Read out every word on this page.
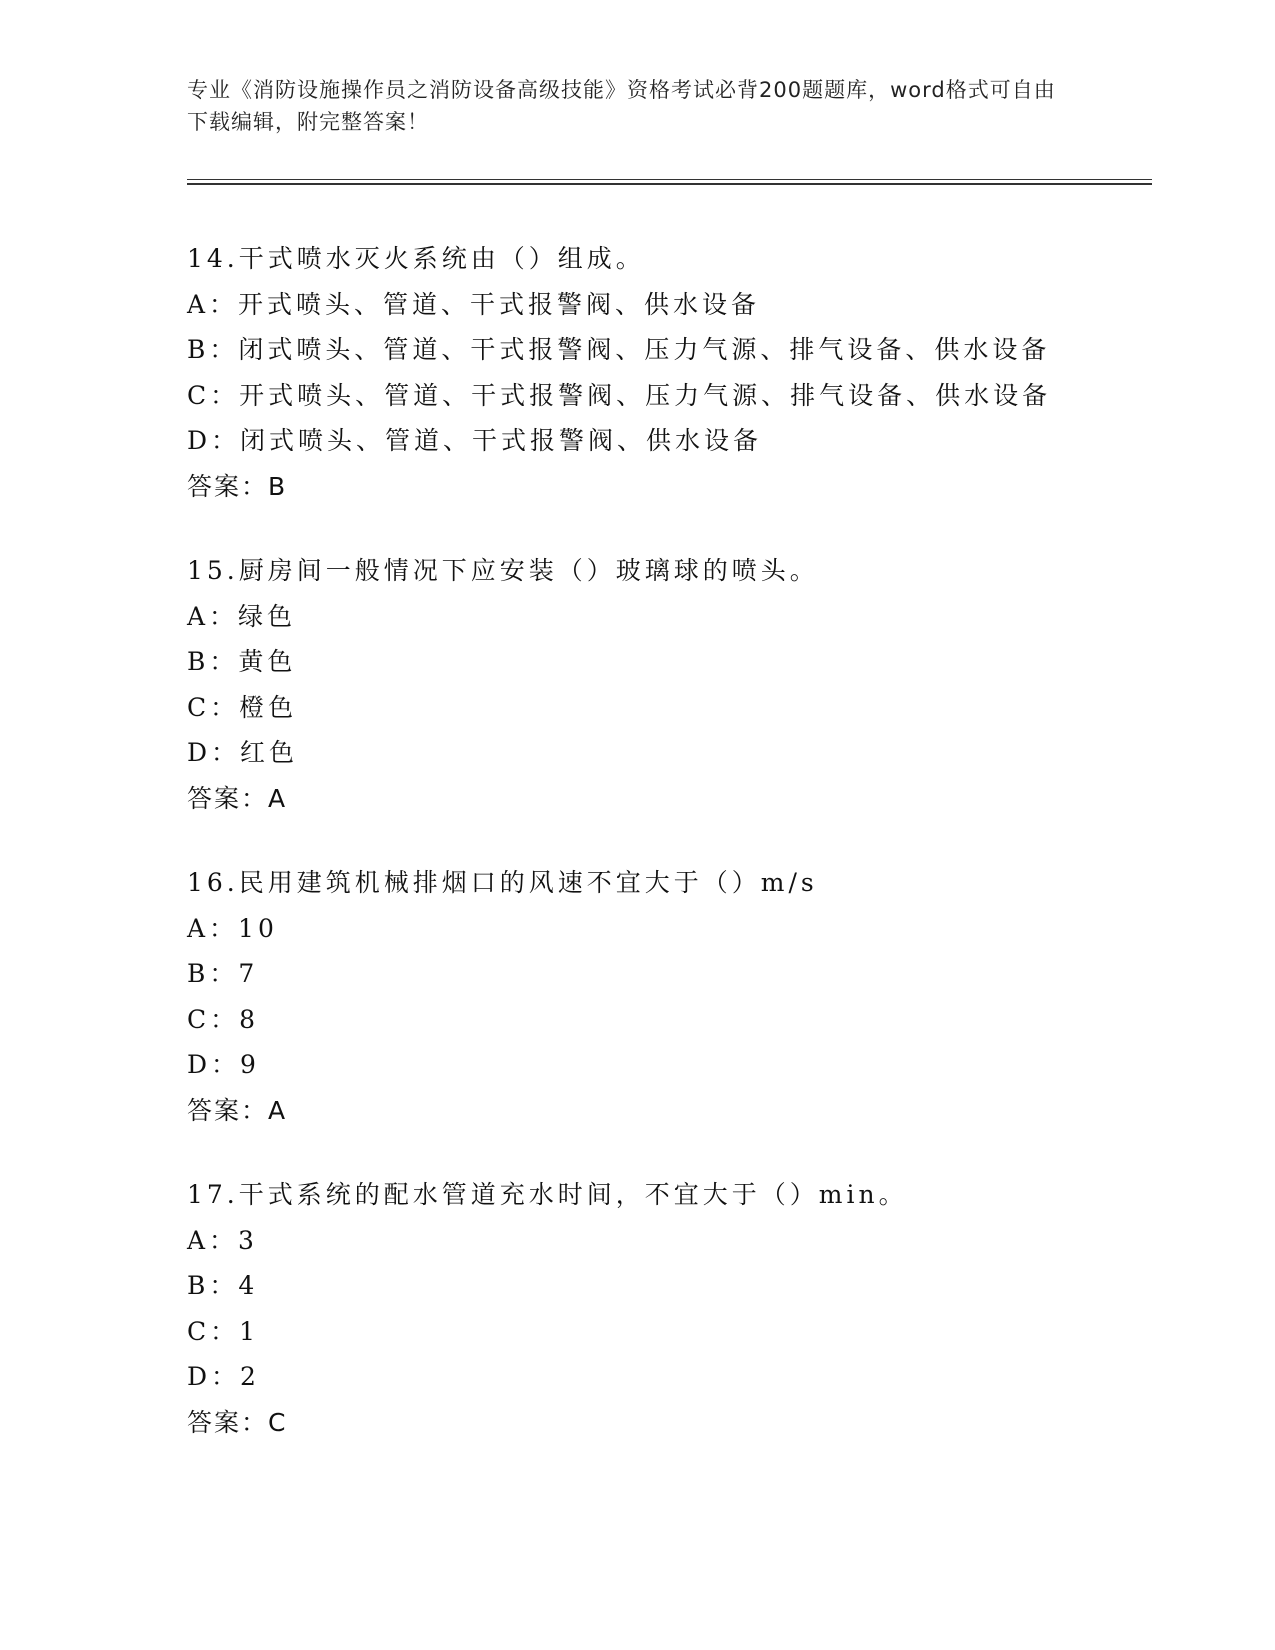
专业《消防设施操作员之消防设备高级技能》资格考试必背200题题库，word格式可自由下载编辑，附完整答案！

14.干式喷水灭火系统由（）组成。
A：开式喷头、管道、干式报警阀、供水设备
B：闭式喷头、管道、干式报警阀、压力气源、排气设备、供水设备
C：开式喷头、管道、干式报警阀、压力气源、排气设备、供水设备
D：闭式喷头、管道、干式报警阀、供水设备
答案：B
15.厨房间一般情况下应安装（）玻璃球的喷头。
A：绿色
B：黄色
C：橙色
D：红色
答案：A
16.民用建筑机械排烟口的风速不宜大于（）m/s
A：10
B：7
C：8
D：9
答案：A
17.干式系统的配水管道充水时间，不宜大于（）min。
A：3
B：4
C：1
D：2
答案：C
